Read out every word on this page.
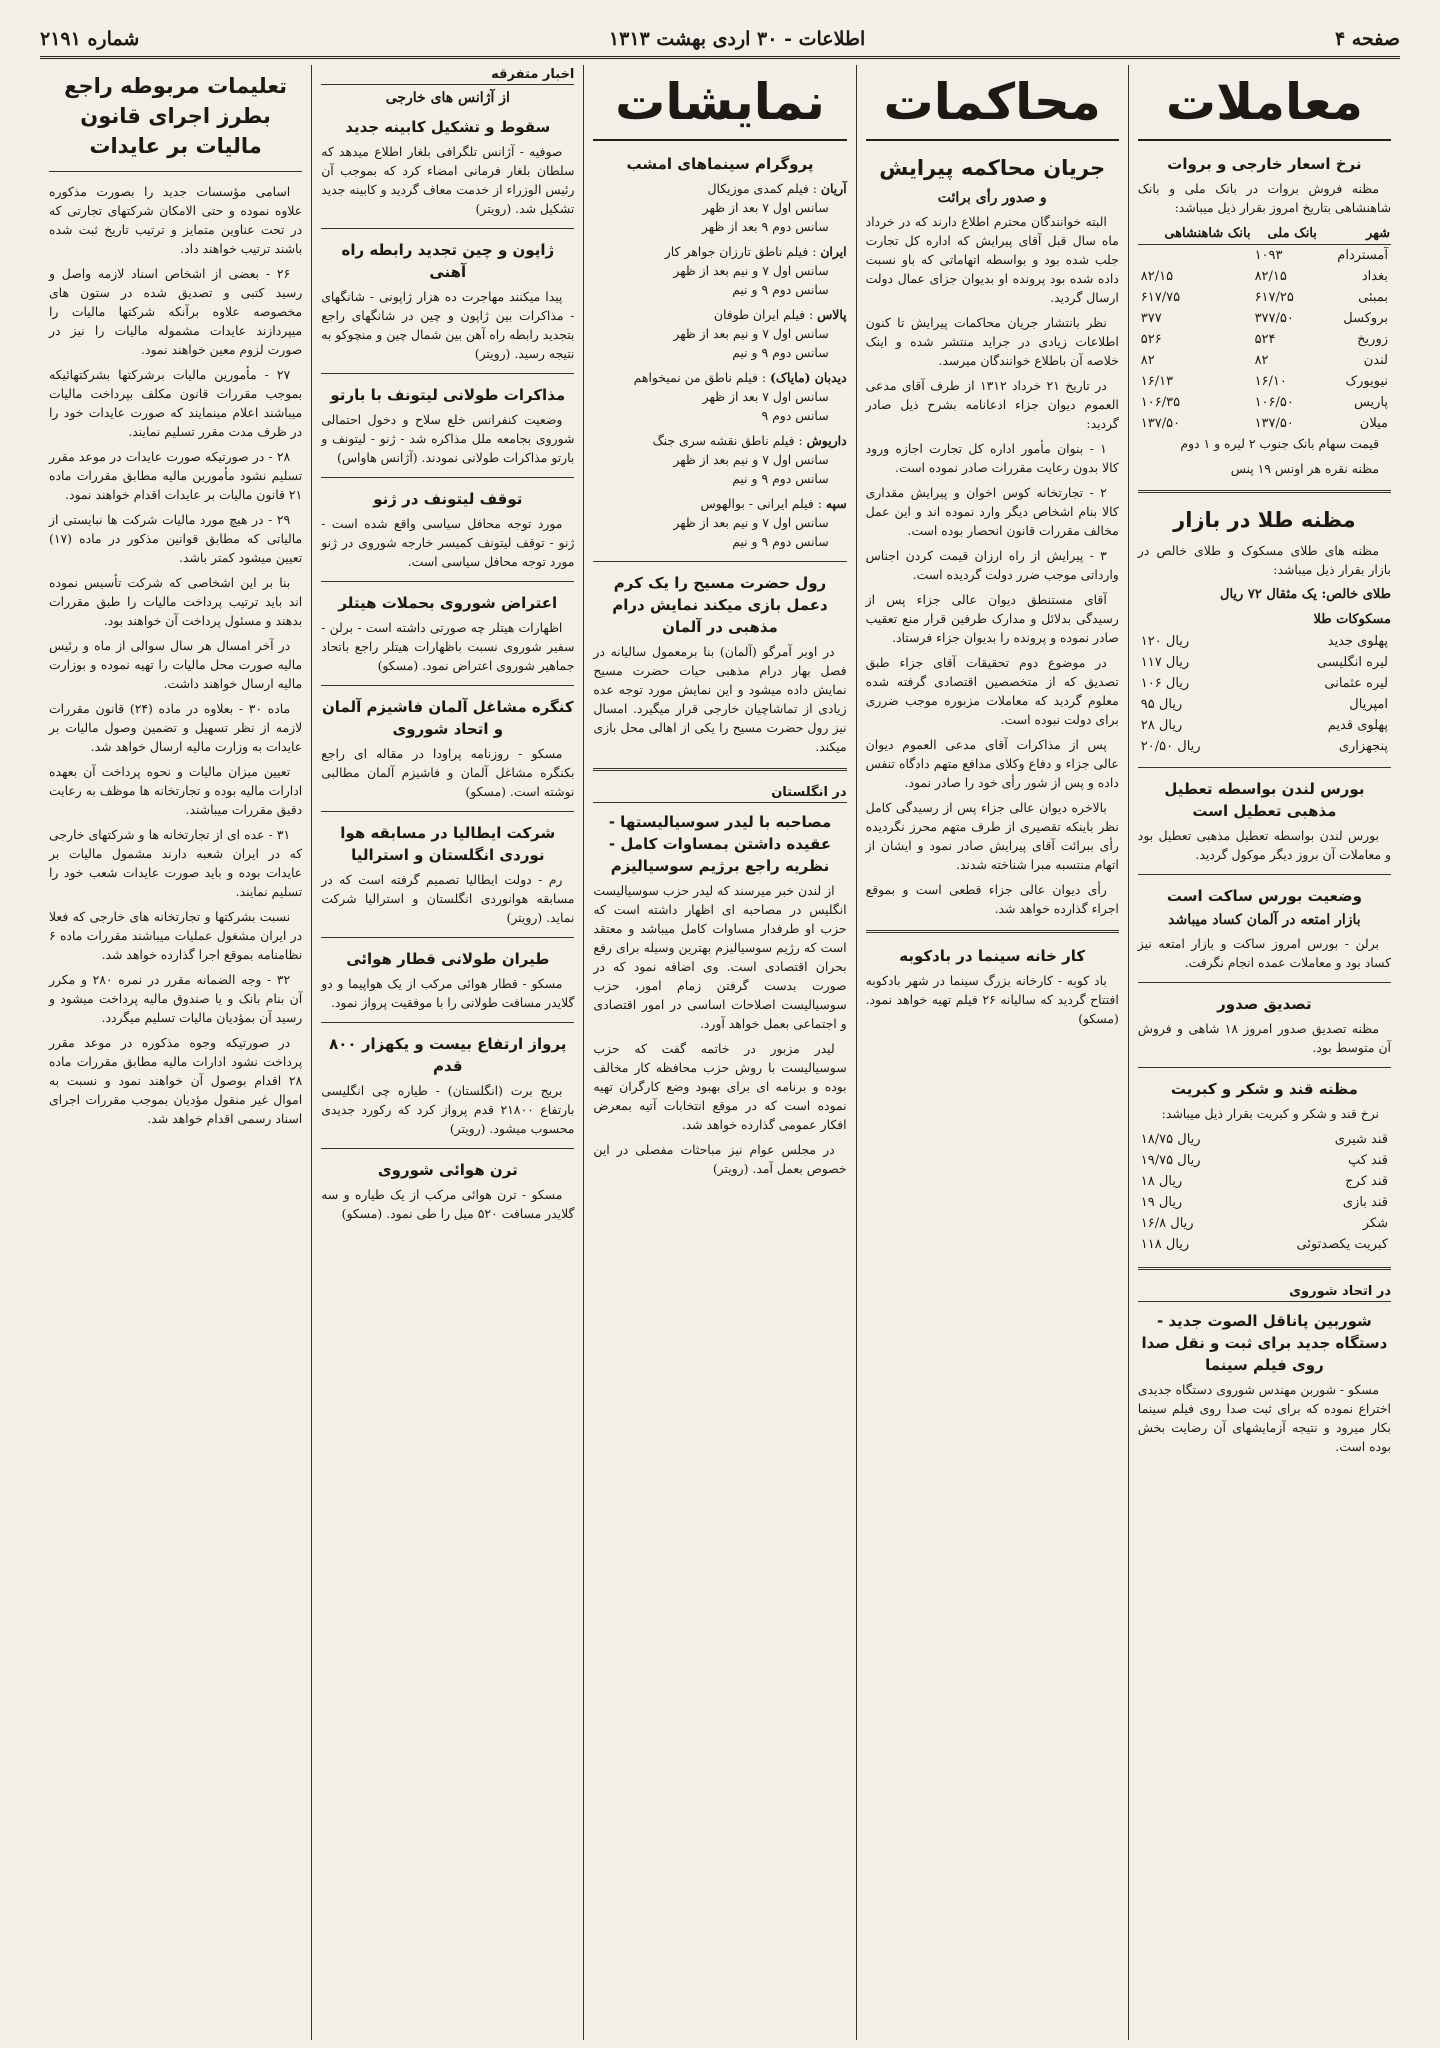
صفحه ۴
اطلاعات - ۳۰ اردی بهشت ۱۳۱۳
شماره ۲۱۹۱
معاملات
نرخ اسعار خارجی و بروات

مظنه فروش بروات در بانک ملی و بانک شاهنشاهی بتاریخ امروز بقرار ذیل میباشد:

شهر	بانک ملی	بانک شاهنشاهی
آمستردام	۱۰۹۳	
بغداد	۸۲/۱۵	۸۲/۱۵
بمبئی	۶۱۷/۲۵	۶۱۷/۷۵
بروکسل	۳۷۷/۵۰	۳۷۷
زوریخ	۵۲۴	۵۲۶
لندن	۸۲	۸۲
نیویورک	۱۶/۱۰	۱۶/۱۳
پاریس	۱۰۶/۵۰	۱۰۶/۳۵
میلان	۱۳۷/۵۰	۱۳۷/۵۰

قیمت سهام بانک جنوب ۲ لیره و ۱ دوم

مظنه نقره هر اونس ۱۹ پنس

مظنه طلا در بازار

مظنه های طلای مسکوک و طلای خالص در بازار بقرار ذیل میباشد:

طلای خالص: یک مثقال ۷۲ ریال
مسکوکات طلا
پهلوی جدید	۱۲۰ ریال
لیره انگلیسی	۱۱۷ ریال
لیره عثمانی	۱۰۶ ریال
امپریال	۹۵ ریال
پهلوی قدیم	۲۸ ریال
پنجهزاری	۲۰/۵۰ ریال
بورس لندن بواسطه تعطیل مذهبی تعطیل است

بورس لندن بواسطه تعطیل مذهبی تعطیل بود و معاملات آن بروز دیگر موکول گردید.

وضعیت بورس ساکت است
بازار امتعه در آلمان کساد میباشد

برلن - بورس امروز ساکت و بازار امتعه نیز کساد بود و معاملات عمده انجام نگرفت.

تصدیق صدور

مظنه تصدیق صدور امروز ۱۸ شاهی و فروش آن متوسط بود.

مظنه قند و شکر و کبریت

نرخ قند و شکر و کبریت بقرار ذیل میباشد:

قند شیری	۱۸/۷۵ ریال
قند کپ	۱۹/۷۵ ریال
قند کرج	۱۸ ریال
قند بازی	۱۹ ریال
شکر	۱۶/۸ ریال
کبریت یکصدتوئی	۱۱۸ ریال
در اتحاد شوروی
شوربین پاناقل الصوت جدید - دستگاه جدید برای ثبت و نقل صدا روی فیلم سینما

مسکو - شوربن مهندس شوروی دستگاه جدیدی اختراع نموده که برای ثبت صدا روی فیلم سینما بکار میرود و نتیجه آزمایشهای آن رضایت بخش بوده است.

محاکمات
جریان محاکمه پیرایش
و صدور رأی برائت

البته خوانندگان محترم اطلاع دارند که در خرداد ماه سال قبل آقای پیرایش که اداره کل تجارت جلب شده بود و بواسطه اتهاماتی که باو نسبت داده شده بود پرونده او بدیوان جزای عمال دولت ارسال گردید.

نظر بانتشار جریان محاکمات پیرایش تا کنون اطلاعات زیادی در جراید منتشر شده و اینک خلاصه آن باطلاع خوانندگان میرسد.

در تاریخ ۲۱ خرداد ۱۳۱۲ از طرف آقای مدعی العموم دیوان جزاء ادعانامه بشرح ذیل صادر گردید:

۱ - بنوان مأمور اداره کل تجارت اجازه ورود کالا بدون رعایت مقررات صادر نموده است.

۲ - تجارتخانه کوس اخوان و پیرایش مقداری کالا بنام اشخاص دیگر وارد نموده اند و این عمل مخالف مقررات قانون انحصار بوده است.

۳ - پیرایش از راه ارزان قیمت کردن اجناس وارداتی موجب ضرر دولت گردیده است.

آقای مستنطق دیوان عالی جزاء پس از رسیدگی بدلائل و مدارک طرفین قرار منع تعقیب صادر نموده و پرونده را بدیوان جزاء فرستاد.

در موضوع دوم تحقیقات آقای جزاء طبق تصدیق که از متخصصین اقتصادی گرفته شده معلوم گردید که معاملات مزبوره موجب ضرری برای دولت نبوده است.

پس از مذاکرات آقای مدعی العموم دیوان عالی جزاء و دفاع وکلای مدافع متهم دادگاه تنفس داده و پس از شور رأی خود را صادر نمود.

بالاخره دیوان عالی جزاء پس از رسیدگی کامل نظر باینکه تقصیری از طرف متهم محرز نگردیده رأی ببرائت آقای پیرایش صادر نمود و ایشان از اتهام منتسبه مبرا شناخته شدند.

رأی دیوان عالی جزاء قطعی است و بموقع اجراء گذارده خواهد شد.

کار خانه سینما در بادکوبه

باد کوبه - کارخانه بزرگ سینما در شهر بادکوبه افتتاح گردید که سالیانه ۲۶ فیلم تهیه خواهد نمود. (مسکو)

نمایشات
پروگرام سینماهای امشب
آریان : فیلم کمدی موزیکال
سانس اول ۷ بعد از ظهر
سانس دوم ۹ بعد از ظهر
ایران : فیلم ناطق تارزان جواهر کار
سانس اول ۷ و نیم بعد از ظهر
سانس دوم ۹ و نیم
پالاس : فیلم ایران طوفان
سانس اول ۷ و نیم بعد از ظهر
سانس دوم ۹ و نیم
دیدبان (مایاک) : فیلم ناطق من نمیخواهم
سانس اول ۷ بعد از ظهر
سانس دوم ۹
داریوش : فیلم ناطق نقشه سری جنگ
سانس اول ۷ و نیم بعد از ظهر
سانس دوم ۹ و نیم
سپه : فیلم ایرانی - بوالهوس
سانس اول ۷ و نیم بعد از ظهر
سانس دوم ۹ و نیم
رول حضرت مسیح را یک کرم دعمل بازی میکند نمایش درام مذهبی در آلمان

در اوبر آمرگو (آلمان) بنا برمعمول سالیانه در فصل بهار درام مذهبی حیات حضرت مسیح نمایش داده میشود و این نمایش مورد توجه عده زیادی از تماشاچیان خارجی قرار میگیرد. امسال نیز رول حضرت مسیح را یکی از اهالی محل بازی میکند.

در انگلستان
مصاحبه با لیدر سوسیالیستها - عقیده داشتن بمساوات کامل - نظریه راجع برژیم سوسیالیزم

از لندن خبر میرسند که لیدر حزب سوسیالیست انگلیس در مصاحبه ای اظهار داشته است که حزب او طرفدار مساوات کامل میباشد و معتقد است که رژیم سوسیالیزم بهترین وسیله برای رفع بحران اقتصادی است. وی اضافه نمود که در صورت بدست گرفتن زمام امور، حزب سوسیالیست اصلاحات اساسی در امور اقتصادی و اجتماعی بعمل خواهد آورد.

لیدر مزبور در خاتمه گفت که حزب سوسیالیست با روش حزب محافظه کار مخالف بوده و برنامه ای برای بهبود وضع کارگران تهیه نموده است که در موقع انتخابات آتیه بمعرض افکار عمومی گذارده خواهد شد.

در مجلس عوام نیز مباحثات مفصلی در این خصوص بعمل آمد. (رویتر)

اخبار متفرقه
از آژانس های خارجی
سقوط و تشکیل کابینه جدید

صوفیه - آژانس تلگرافی بلغار اطلاع میدهد که سلطان بلغار فرمانی امضاء کرد که بموجب آن رئیس الوزراء از خدمت معاف گردید و کابینه جدید تشکیل شد. (رویتر)

ژاپون و چین تجدید رابطه راه آهنی

پیدا میکنند مهاجرت ده هزار ژاپونی - شانگهای - مذاکرات بین ژاپون و چین در شانگهای راجع بتجدید رابطه راه آهن بین شمال چین و منچوکو به نتیجه رسید. (رویتر)

مذاکرات طولانی لیتونف با بارتو

وضعیت کنفرانس خلع سلاح و دخول احتمالی شوروی بجامعه ملل مذاکره شد - ژنو - لیتونف و بارتو مذاکرات طولانی نمودند. (آژانس هاواس)

توقف لیتونف در ژنو

مورد توجه محافل سیاسی واقع شده است - ژنو - توقف لیتونف کمیسر خارجه شوروی در ژنو مورد توجه محافل سیاسی است.

اعتراض شوروی بحملات هیتلر

اظهارات هیتلر چه صورتی داشته است - برلن - سفیر شوروی نسبت باظهارات هیتلر راجع باتحاد جماهیر شوروی اعتراض نمود. (مسکو)

کنگره مشاغل آلمان فاشیزم آلمان و اتحاد شوروی

مسکو - روزنامه پراودا در مقاله ای راجع بکنگره مشاغل آلمان و فاشیزم آلمان مطالبی نوشته است. (مسکو)

شرکت ایطالیا در مسابقه هوا نوردی انگلستان و استرالیا

رم - دولت ایطالیا تصمیم گرفته است که در مسابقه هوانوردی انگلستان و استرالیا شرکت نماید. (رویتر)

طیران طولانی قطار هوائی

مسکو - قطار هوائی مرکب از یک هواپیما و دو گلایدر مسافت طولانی را با موفقیت پرواز نمود.

پرواز ارتفاع بیست و یکهزار ۸۰۰ قدم

بریج برت (انگلستان) - طیاره چی انگلیسی بارتفاع ۲۱۸۰۰ قدم پرواز کرد که رکورد جدیدی محسوب میشود. (رویتر)

ترن هوائی شوروی

مسکو - ترن هوائی مرکب از یک طیاره و سه گلایدر مسافت ۵۲۰ میل را طی نمود. (مسکو)

تعلیمات مربوطه راجع بطرز اجرای قانون مالیات بر عایدات

اسامی مؤسسات جدید را بصورت مذکوره علاوه نموده و حتی الامکان شرکتهای تجارتی که در تحت عناوین متمایز و ترتیب تاریخ ثبت شده باشند ترتیب خواهند داد.

۲۶ - بعضی از اشخاص اسناد لازمه واصل و رسید کتبی و تصدیق شده در ستون های مخصوصه علاوه برآنکه شرکتها مالیات را میپردازند عایدات مشموله مالیات را نیز در صورت لزوم معین خواهند نمود.

۲۷ - مأمورین مالیات برشرکتها بشرکتهائیکه بموجب مقررات قانون مکلف بپرداخت مالیات میباشند اعلام مینمایند که صورت عایدات خود را در ظرف مدت مقرر تسلیم نمایند.

۲۸ - در صورتیکه صورت عایدات در موعد مقرر تسلیم نشود مأمورین مالیه مطابق مقررات ماده ۲۱ قانون مالیات بر عایدات اقدام خواهند نمود.

۲۹ - در هیچ مورد مالیات شرکت ها نبایستی از مالیاتی که مطابق قوانین مذکور در ماده (۱۷) تعیین میشود کمتر باشد.

بنا بر این اشخاصی که شرکت تأسیس نموده اند باید ترتیب پرداخت مالیات را طبق مقررات بدهند و مسئول پرداخت آن خواهند بود.

در آخر امسال هر سال سوالی از ماه و رئیس مالیه صورت محل مالیات را تهیه نموده و بوزارت مالیه ارسال خواهند داشت.

ماده ۳۰ - بعلاوه در ماده (۲۴) قانون مقررات لازمه از نظر تسهیل و تضمین وصول مالیات بر عایدات به وزارت مالیه ارسال خواهد شد.

تعیین میزان مالیات و نحوه پرداخت آن بعهده ادارات مالیه بوده و تجارتخانه ها موظف به رعایت دقیق مقررات میباشند.

۳۱ - عده ای از تجارتخانه ها و شرکتهای خارجی که در ایران شعبه دارند مشمول مالیات بر عایدات بوده و باید صورت عایدات شعب خود را تسلیم نمایند.

نسبت بشرکتها و تجارتخانه های خارجی که فعلا در ایران مشغول عملیات میباشند مقررات ماده ۶ نظامنامه بموقع اجرا گذارده خواهد شد.

۳۲ - وجه الضمانه مقرر در نمره ۲۸۰ و مکرر آن بنام بانک و یا صندوق مالیه پرداخت میشود و رسید آن بمؤدیان مالیات تسلیم میگردد.

در صورتیکه وجوه مذکوره در موعد مقرر پرداخت نشود ادارات مالیه مطابق مقررات ماده ۲۸ اقدام بوصول آن خواهند نمود و نسبت به اموال غیر منقول مؤدیان بموجب مقررات اجرای اسناد رسمی اقدام خواهد شد.
